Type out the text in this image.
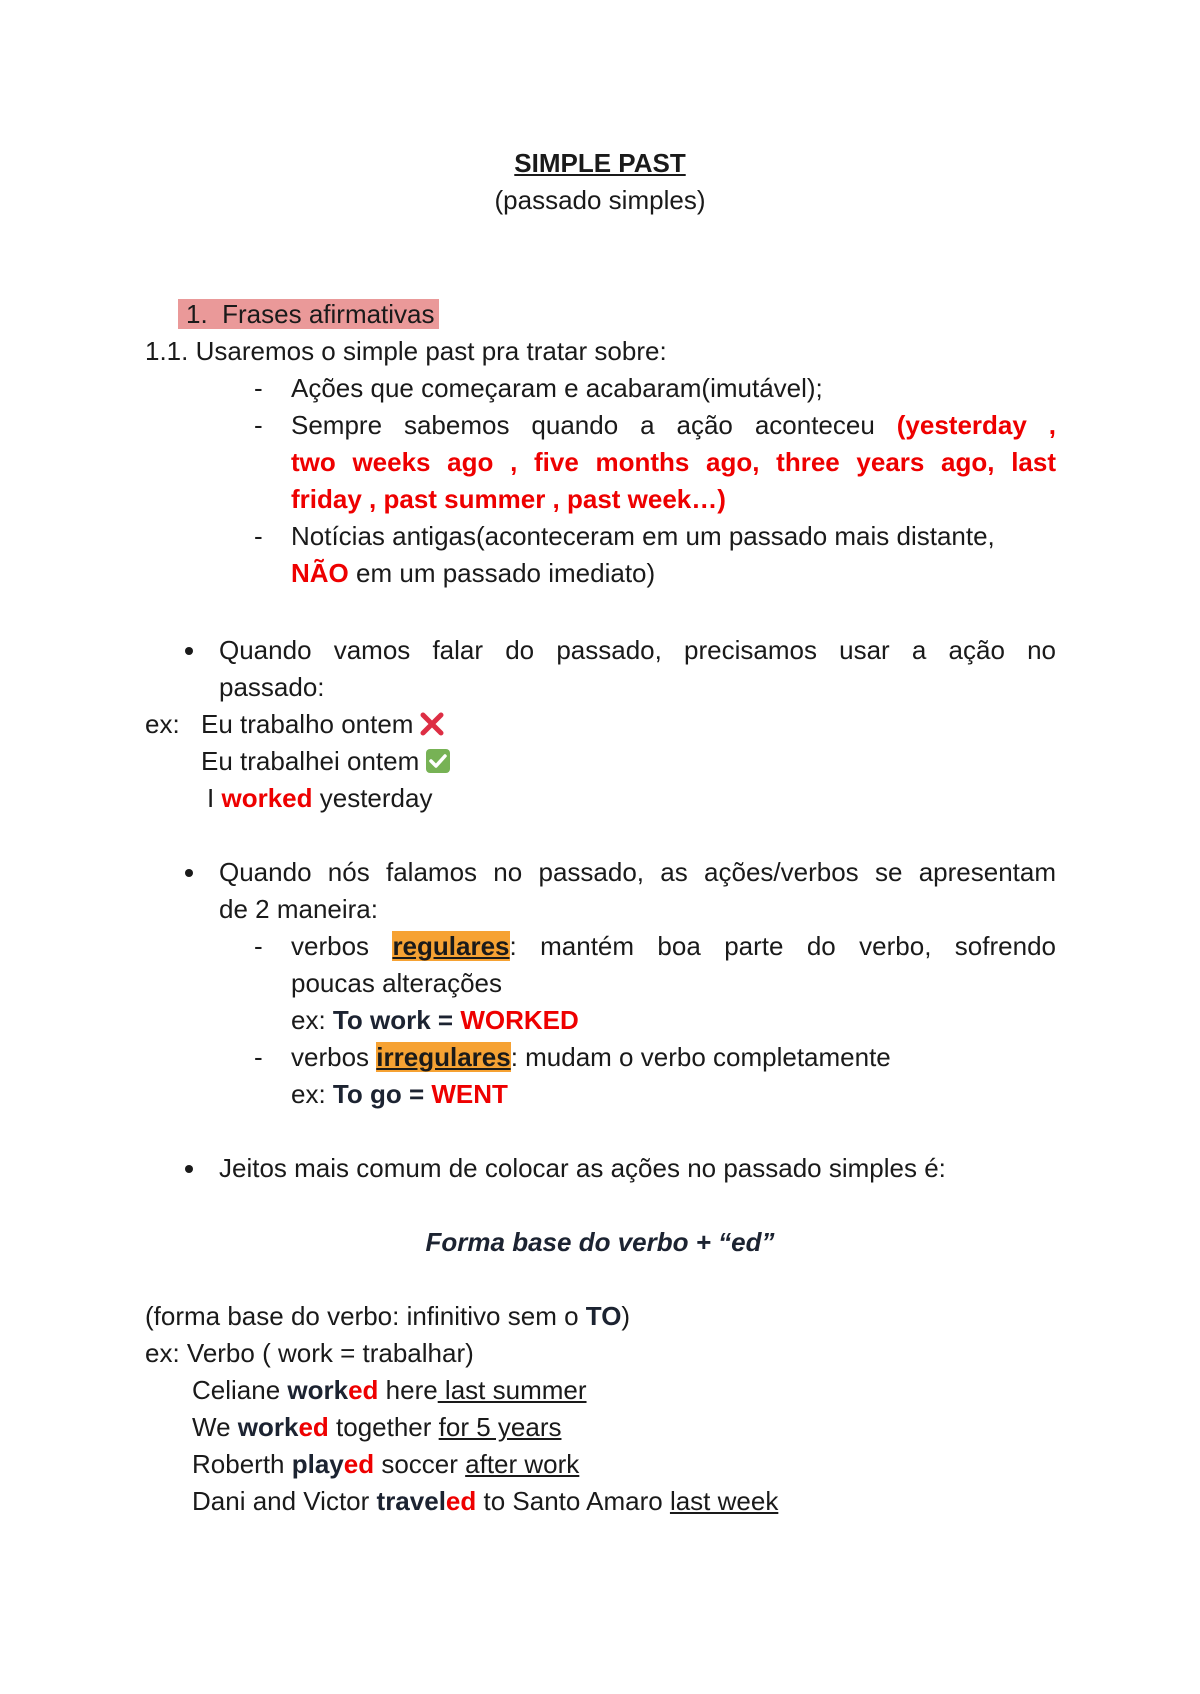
SIMPLE PAST
(passado simples)
1. Frases afirmativas
1.1. Usaremos o simple past pra tratar sobre:
- Ações que começaram e acabaram(imutável);
- Sempre sabemos quando a ação aconteceu (yesterday ,
two weeks ago , five months ago, three years ago, last
friday , past summer , past week…)
- Notícias antigas(aconteceram em um passado mais distante,
NÃO em um passado imediato)
Quando vamos falar do passado, precisamos usar a ação no
passado:
ex: Eu trabalho ontem
Eu trabalhei ontem
I worked yesterday
Quando nós falamos no passado, as ações/verbos se apresentam
de 2 maneira:
- verbos regulares: mantém boa parte do verbo, sofrendo
poucas alterações
ex: To work = WORKED
- verbos irregulares: mudam o verbo completamente
ex: To go = WENT
Jeitos mais comum de colocar as ações no passado simples é:
Forma base do verbo + “ed”
(forma base do verbo: infinitivo sem o TO)
ex: Verbo ( work = trabalhar)
Celiane worked here last summer
We worked together for 5 years
Roberth played soccer after work
Dani and Victor traveled to Santo Amaro last week
